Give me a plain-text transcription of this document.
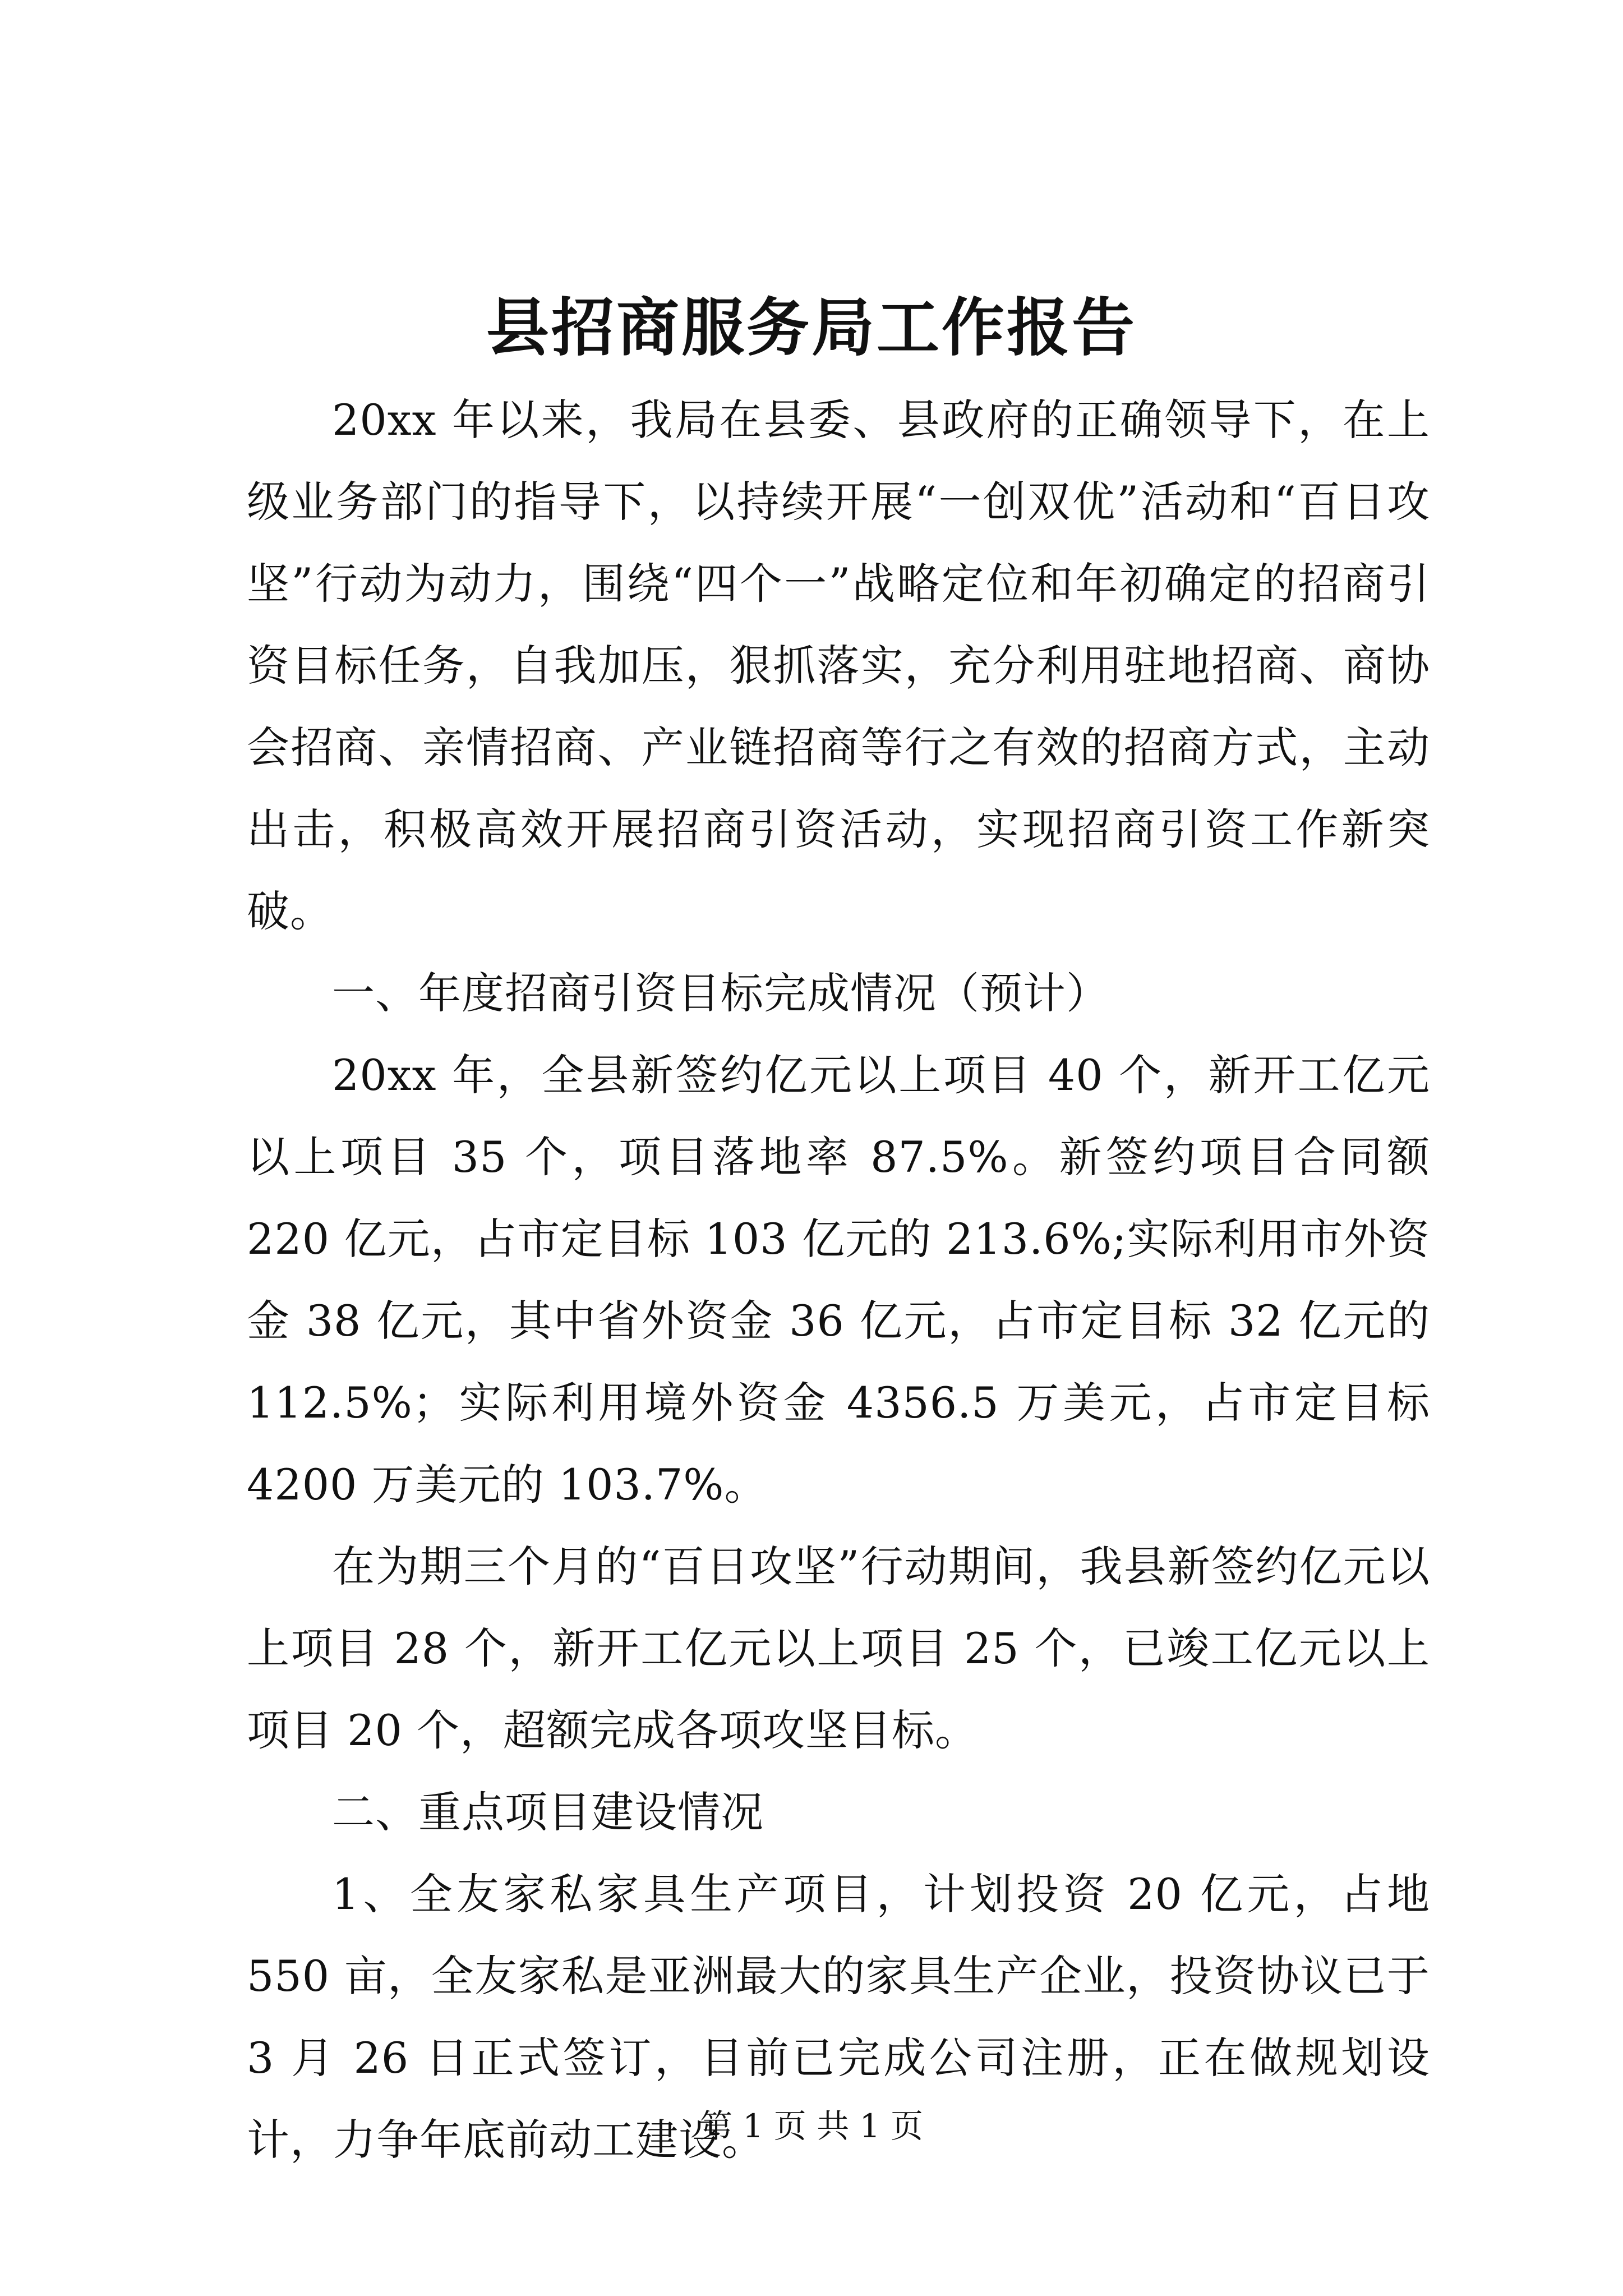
县招商服务局工作报告

20xx 年以来，我局在县委、县政府的正确领导下，在上级业务部门的指导下，以持续开展“一创双优”活动和“百日攻坚”行动为动力，围绕“四个一”战略定位和年初确定的招商引资目标任务，自我加压，狠抓落实，充分利用驻地招商、商协会招商、亲情招商、产业链招商等行之有效的招商方式，主动出击，积极高效开展招商引资活动，实现招商引资工作新突破。

一、年度招商引资目标完成情况（预计）

20xx 年，全县新签约亿元以上项目 40 个，新开工亿元以上项目 35 个，项目落地率 87.5%。新签约项目合同额 220 亿元，占市定目标 103 亿元的 213.6%;实际利用市外资金 38 亿元，其中省外资金 36 亿元，占市定目标 32 亿元的 112.5%；实际利用境外资金 4356.5 万美元，占市定目标 4200 万美元的 103.7%。

在为期三个月的“百日攻坚”行动期间，我县新签约亿元以上项目 28 个，新开工亿元以上项目 25 个，已竣工亿元以上项目 20 个，超额完成各项攻坚目标。

二、重点项目建设情况

1、全友家私家具生产项目，计划投资 20 亿元，占地 550 亩，全友家私是亚洲最大的家具生产企业，投资协议已于 3 月 26 日正式签订，目前已完成公司注册，正在做规划设计，力争年底前动工建设。

第 1 页 共 1 页
